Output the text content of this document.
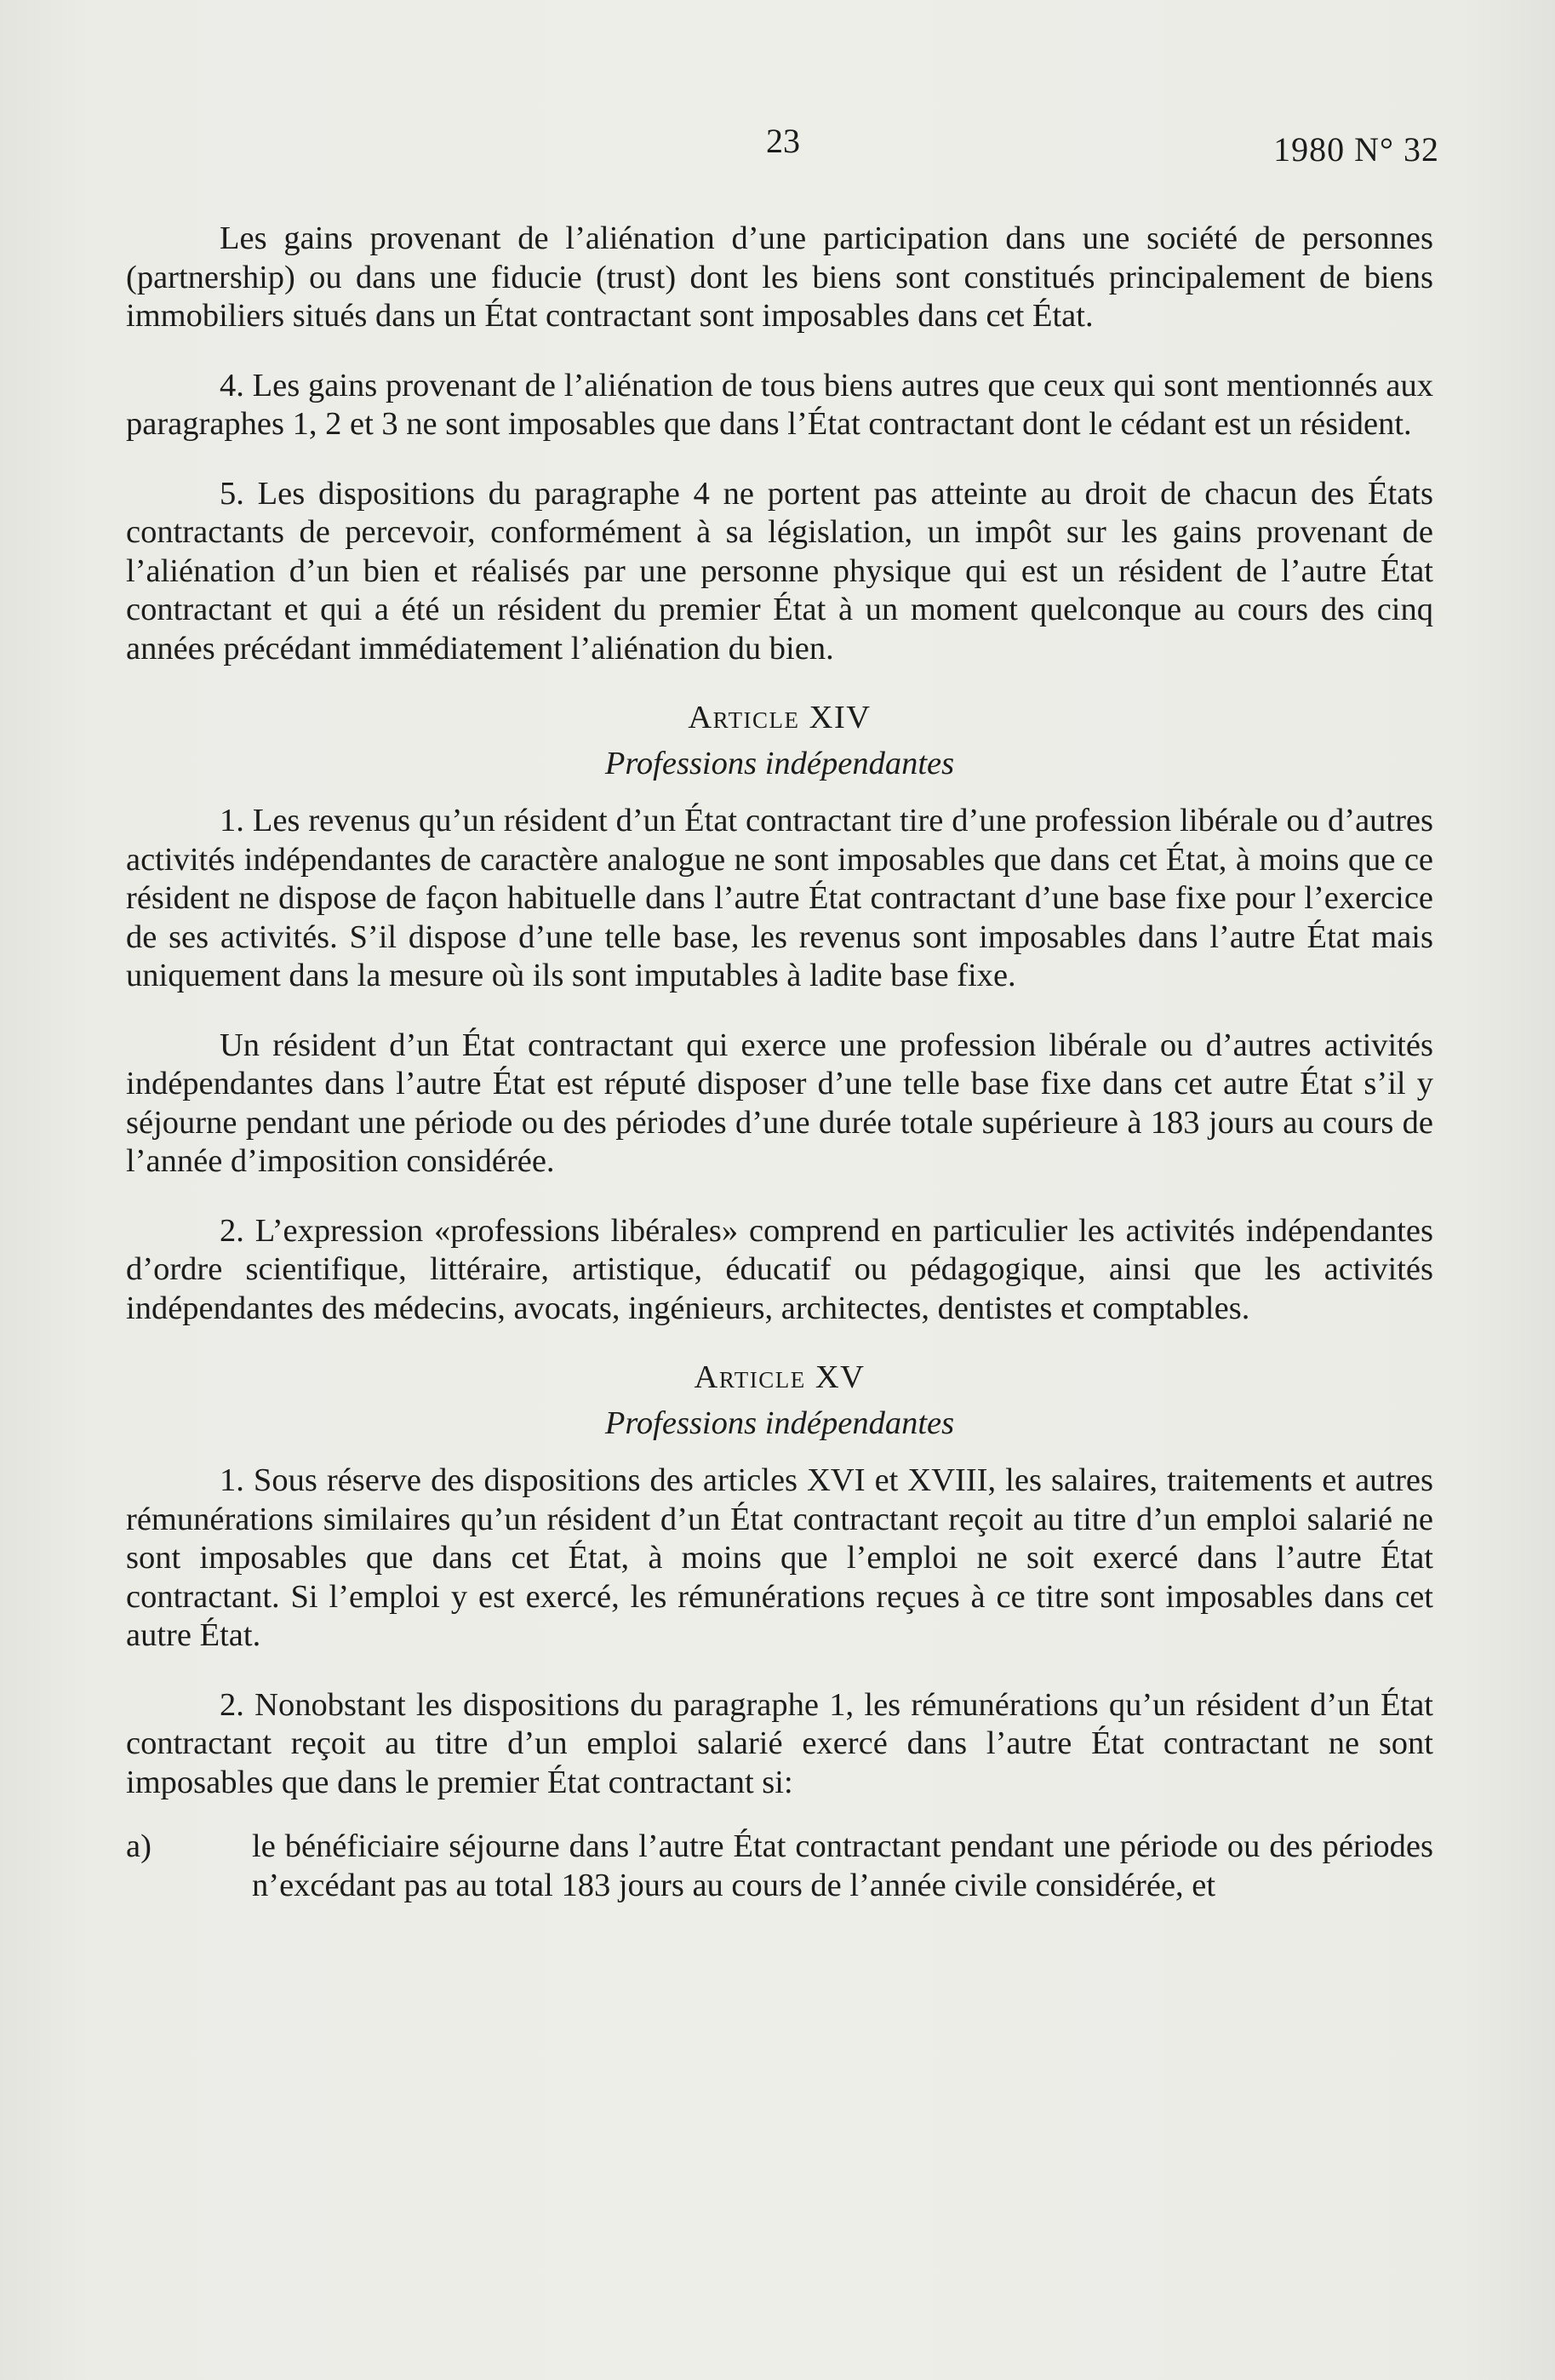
23	1980 N° 32

Les gains provenant de l’aliénation d’une participation dans une société de personnes (partnership) ou dans une fiducie (trust) dont les biens sont constitués principalement de biens immobiliers situés dans un État contractant sont imposables dans cet État.

4. Les gains provenant de l’aliénation de tous biens autres que ceux qui sont mentionnés aux paragraphes 1, 2 et 3 ne sont imposables que dans l’État contractant dont le cédant est un résident.

5. Les dispositions du paragraphe 4 ne portent pas atteinte au droit de chacun des États contractants de percevoir, conformément à sa législation, un impôt sur les gains provenant de l’aliénation d’un bien et réalisés par une personne physique qui est un résident de l’autre État contractant et qui a été un résident du premier État à un moment quelconque au cours des cinq années précédant immédiatement l’aliénation du bien.

Article XIV
Professions indépendantes

1. Les revenus qu’un résident d’un État contractant tire d’une profession libérale ou d’autres activités indépendantes de caractère analogue ne sont imposables que dans cet État, à moins que ce résident ne dispose de façon habituelle dans l’autre État contractant d’une base fixe pour l’exercice de ses activités. S’il dispose d’une telle base, les revenus sont imposables dans l’autre État mais uniquement dans la mesure où ils sont imputables à ladite base fixe.

Un résident d’un État contractant qui exerce une profession libérale ou d’autres activités indépendantes dans l’autre État est réputé disposer d’une telle base fixe dans cet autre État s’il y séjourne pendant une période ou des périodes d’une durée totale supérieure à 183 jours au cours de l’année d’imposition considérée.

2. L’expression «professions libérales» comprend en particulier les activités indépendantes d’ordre scientifique, littéraire, artistique, éducatif ou pédagogique, ainsi que les activités indépendantes des médecins, avocats, ingénieurs, architectes, dentistes et comptables.

Article XV
Professions indépendantes

1. Sous réserve des dispositions des articles XVI et XVIII, les salaires, traitements et autres rémunérations similaires qu’un résident d’un État contractant reçoit au titre d’un emploi salarié ne sont imposables que dans cet État, à moins que l’emploi ne soit exercé dans l’autre État contractant. Si l’emploi y est exercé, les rémunérations reçues à ce titre sont imposables dans cet autre État.

2. Nonobstant les dispositions du paragraphe 1, les rémunérations qu’un résident d’un État contractant reçoit au titre d’un emploi salarié exercé dans l’autre État contractant ne sont imposables que dans le premier État contractant si:

a)	le bénéficiaire séjourne dans l’autre État contractant pendant une période ou des périodes n’excédant pas au total 183 jours au cours de l’année civile considérée, et
